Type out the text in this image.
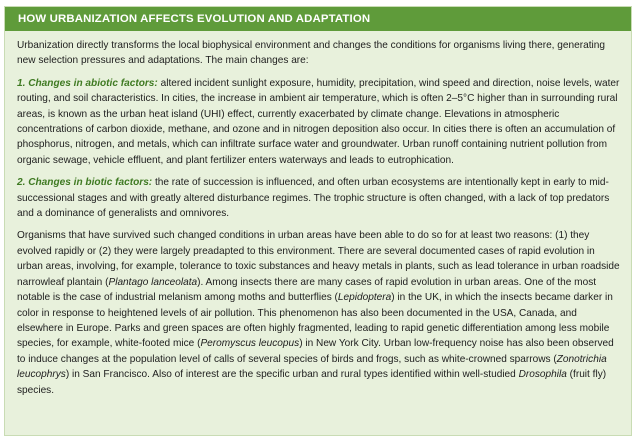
HOW URBANIZATION AFFECTS EVOLUTION AND ADAPTATION

Urbanization directly transforms the local biophysical environment and changes the conditions for organisms living there, generating new selection pressures and adaptations. The main changes are:

1. Changes in abiotic factors: altered incident sunlight exposure, humidity, precipitation, wind speed and direction, noise levels, water routing, and soil characteristics. In cities, the increase in ambient air temperature, which is often 2–5°C higher than in surrounding rural areas, is known as the urban heat island (UHI) effect, currently exacerbated by climate change. Elevations in atmospheric concentrations of carbon dioxide, methane, and ozone and in nitrogen deposition also occur. In cities there is often an accumulation of phosphorus, nitrogen, and metals, which can infiltrate surface water and groundwater. Urban runoff containing nutrient pollution from organic sewage, vehicle effluent, and plant fertilizer enters waterways and leads to eutrophication.

2. Changes in biotic factors: the rate of succession is influenced, and often urban ecosystems are intentionally kept in early to mid- successional stages and with greatly altered disturbance regimes. The trophic structure is often changed, with a lack of top predators and a dominance of generalists and omnivores.

Organisms that have survived such changed conditions in urban areas have been able to do so for at least two reasons: (1) they evolved rapidly or (2) they were largely preadapted to this environment. There are several documented cases of rapid evolution in urban areas, involving, for example, tolerance to toxic substances and heavy metals in plants, such as lead tolerance in urban roadside narrowleaf plantain (Plantago lanceolata). Among insects there are many cases of rapid evolution in urban areas. One of the most notable is the case of industrial melanism among moths and butterflies (Lepidoptera) in the UK, in which the insects became darker in color in response to heightened levels of air pollution. This phenomenon has also been documented in the USA, Canada, and elsewhere in Europe. Parks and green spaces are often highly fragmented, leading to rapid genetic differentiation among less mobile species, for example, white-footed mice (Peromyscus leucopus) in New York City. Urban low-frequency noise has also been observed to induce changes at the population level of calls of several species of birds and frogs, such as white-crowned sparrows (Zonotrichia leucophrys) in San Francisco. Also of interest are the specific urban and rural types identified within well-studied Drosophila (fruit fly) species.
